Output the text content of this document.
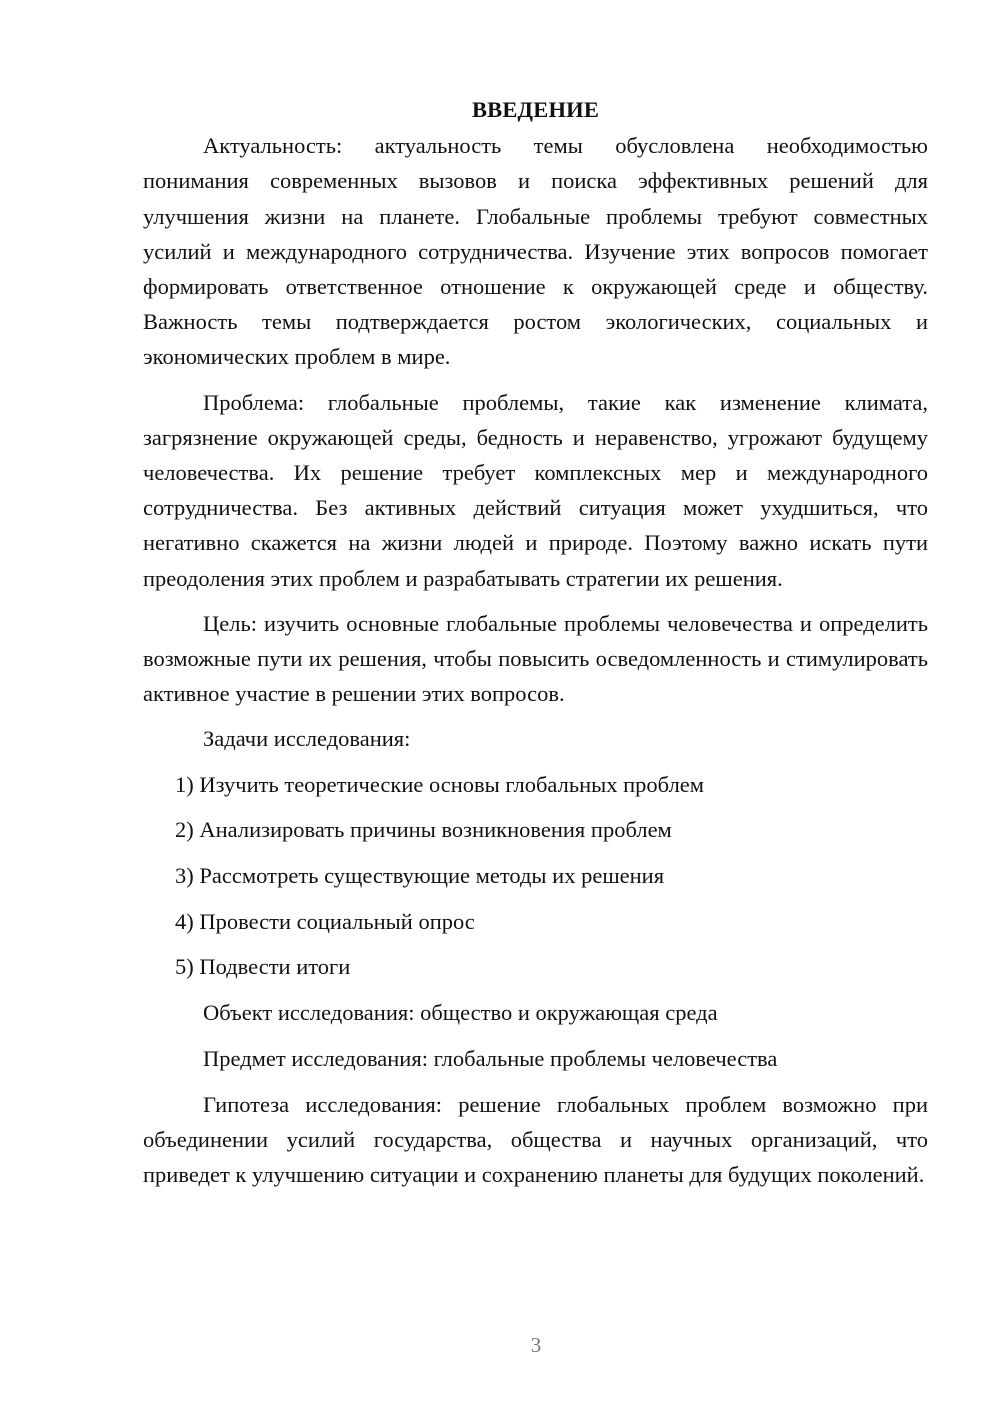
ВВЕДЕНИЕ

Актуальность: актуальность темы обусловлена необходимостью понимания современных вызовов и поиска эффективных решений для улучшения жизни на планете. Глобальные проблемы требуют совместных усилий и международного сотрудничества. Изучение этих вопросов помогает формировать ответственное отношение к окружающей среде и обществу. Важность темы подтверждается ростом экологических, социальных и экономических проблем в мире.

Проблема: глобальные проблемы, такие как изменение климата, загрязнение окружающей среды, бедность и неравенство, угрожают будущему человечества. Их решение требует комплексных мер и международного сотрудничества. Без активных действий ситуация может ухудшиться, что негативно скажется на жизни людей и природе. Поэтому важно искать пути преодоления этих проблем и разрабатывать стратегии их решения.

Цель: изучить основные глобальные проблемы человечества и определить возможные пути их решения, чтобы повысить осведомленность и стимулировать активное участие в решении этих вопросов.

Задачи исследования:

1) Изучить теоретические основы глобальных проблем

2) Анализировать причины возникновения проблем

3) Рассмотреть существующие методы их решения

4) Провести социальный опрос

5) Подвести итоги

Объект исследования: общество и окружающая среда

Предмет исследования: глобальные проблемы человечества

Гипотеза исследования: решение глобальных проблем возможно при объединении усилий государства, общества и научных организаций, что приведет к улучшению ситуации и сохранению планеты для будущих поколений.

3
